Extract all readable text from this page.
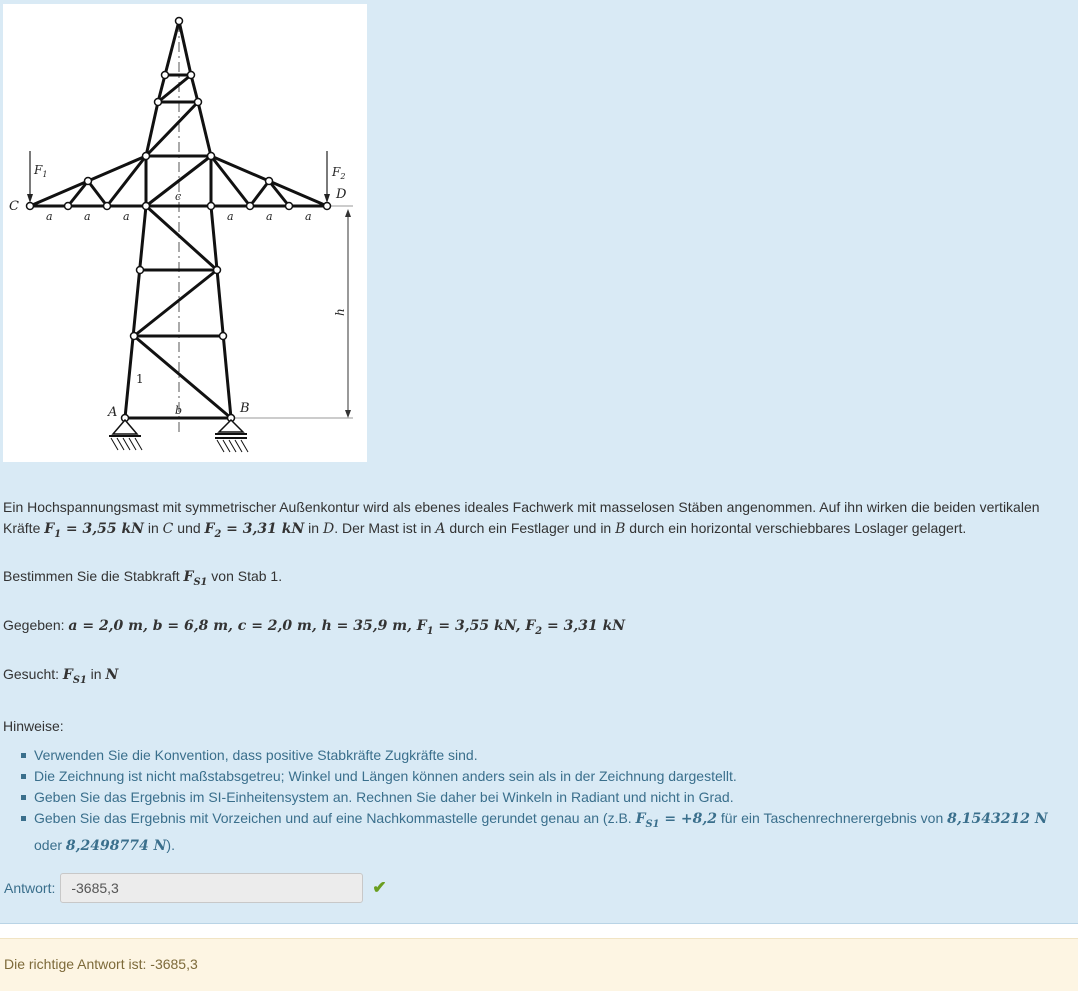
C
D
A	B
$F_1$	$F_2$
a	a	a	a	a	a
c
b
h
1
Ein Hochspannungsmast mit symmetrischer Außenkontur wird als ebenes ideales Fachwerk mit masselosen Stäben angenommen. Auf ihn wirken die beiden vertikalen Kräfte $F_1 = 3,55$ kN in C und $F_2 = 3,31$ kN in D. Der Mast ist in A durch ein Festlager und in B durch ein horizontal verschiebbares Loslager gelagert.
Bestimmen Sie die Stabkraft $F_{S1}$ von Stab 1.
Gegeben: a = 2,0 m, b = 6,8 m, c = 2,0 m, h = 35,9 m, $F_1 = 3,55$ kN, $F_2 = 3,31$ kN
Gesucht: $F_{S1}$ in N
Hinweise:
Verwenden Sie die Konvention, dass positive Stabkräfte Zugkräfte sind.
Die Zeichnung ist nicht maßstabsgetreu; Winkel und Längen können anders sein als in der Zeichnung dargestellt.
Geben Sie das Ergebnis im SI-Einheitensystem an. Rechnen Sie daher bei Winkeln in Radiant und nicht in Grad.
Geben Sie das Ergebnis mit Vorzeichen und auf eine Nachkommastelle gerundet genau an (z.B. $F_{S1} = +8,2$ für ein Taschenrechnerergebnis von 8,1543212 N oder 8,2498774 N).
Antwort:
-3685,3	✔
Die richtige Antwort ist: -3685,3
